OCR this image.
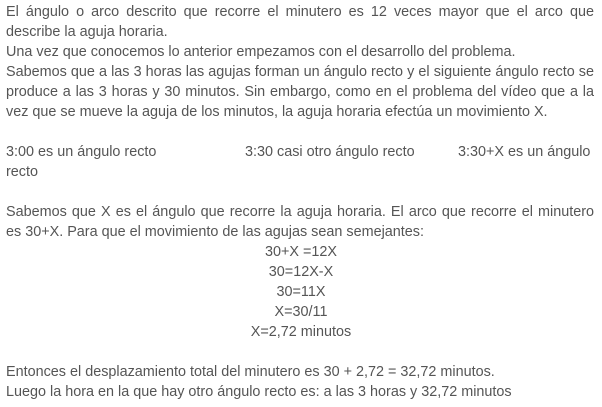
El ángulo o arco descrito que recorre el minutero es 12 veces mayor que el arco que
describe la aguja horaria.
Una vez que conocemos lo anterior empezamos con el desarrollo del problema.
Sabemos que a las 3 horas las agujas forman un ángulo recto y el siguiente ángulo recto se
produce a las 3 horas y 30 minutos. Sin embargo, como en el problema del vídeo que a la
vez que se mueve la aguja de los minutos, la aguja horaria efectúa un movimiento X.
3:00 es un ángulo recto	3:30 casi otro ángulo recto	3:30+X es un ángulo
recto
Sabemos que X es el ángulo que recorre la aguja horaria. El arco que recorre el minutero
es 30+X. Para que el movimiento de las agujas sean semejantes:
30+X =12X
30=12X-X
30=11X
X=30/11
X=2,72 minutos
Entonces el desplazamiento total del minutero es 30 + 2,72 = 32,72 minutos.
Luego la hora en la que hay otro ángulo recto es: a las 3 horas y 32,72 minutos
